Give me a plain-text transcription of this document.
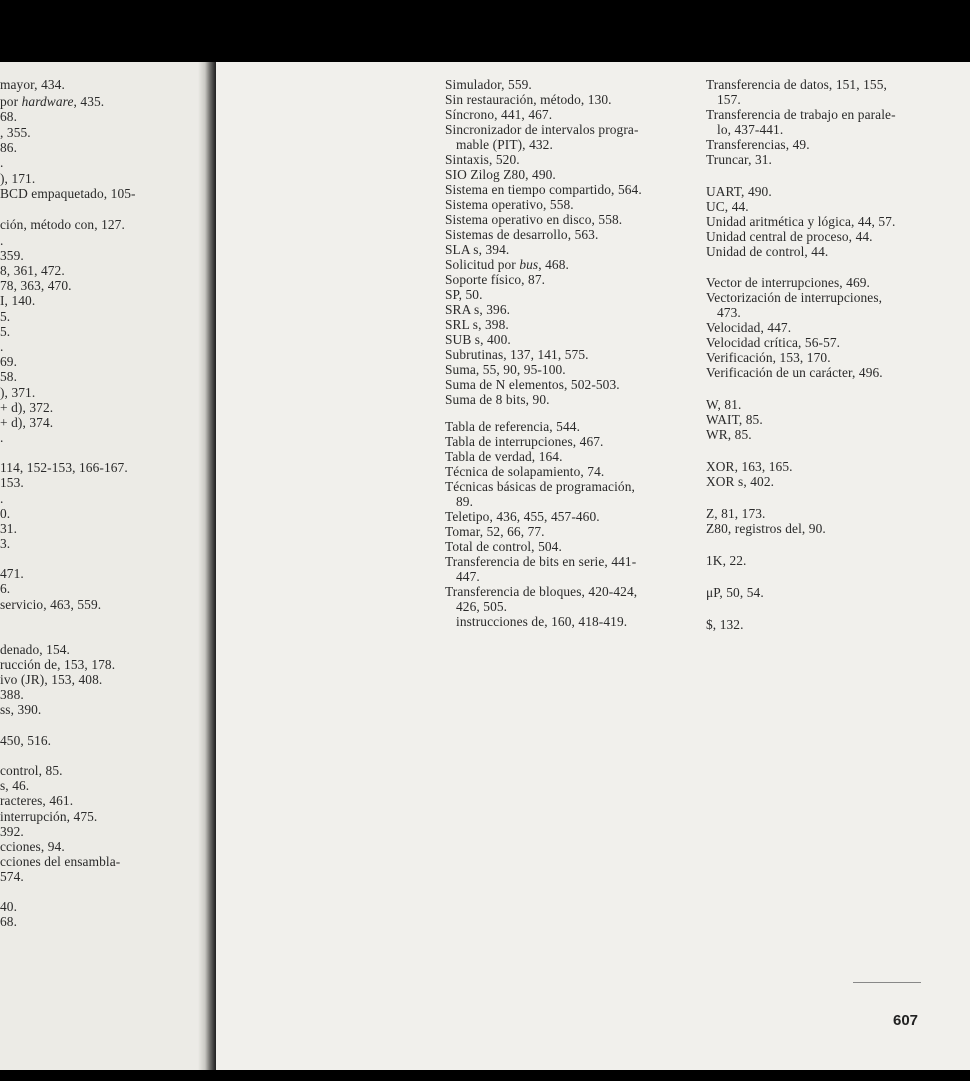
mayor, 434.
por hardware, 435.
68.
, 355.
86.
.
), 171.
BCD empaquetado, 105-
ción, método con, 127.
.
359.
8, 361, 472.
78, 363, 470.
I, 140.
5.
5.
.
69.
58.
), 371.
+ d), 372.
+ d), 374.
.
114, 152-153, 166-167.
153.
.
0.
31.
3.
471.
6.
servicio, 463, 559.
denado, 154.
rucción de, 153, 178.
ivo (JR), 153, 408.
388.
ss, 390.
450, 516.
control, 85.
s, 46.
racteres, 461.
interrupción, 475.
392.
cciones, 94.
cciones del ensambla-
574.
40.
68.
Simulador, 559.
Sin restauración, método, 130.
Síncrono, 441, 467.
Sincronizador de intervalos progra-
mable (PIT), 432.
Sintaxis, 520.
SIO Zilog Z80, 490.
Sistema en tiempo compartido, 564.
Sistema operativo, 558.
Sistema operativo en disco, 558.
Sistemas de desarrollo, 563.
SLA s, 394.
Solicitud por bus, 468.
Soporte físico, 87.
SP, 50.
SRA s, 396.
SRL s, 398.
SUB s, 400.
Subrutinas, 137, 141, 575.
Suma, 55, 90, 95-100.
Suma de N elementos, 502-503.
Suma de 8 bits, 90.
Tabla de referencia, 544.
Tabla de interrupciones, 467.
Tabla de verdad, 164.
Técnica de solapamiento, 74.
Técnicas básicas de programación,
89.
Teletipo, 436, 455, 457-460.
Tomar, 52, 66, 77.
Total de control, 504.
Transferencia de bits en serie, 441-
447.
Transferencia de bloques, 420-424,
426, 505.
instrucciones de, 160, 418-419.
Transferencia de datos, 151, 155,
157.
Transferencia de trabajo en parale-
lo, 437-441.
Transferencias, 49.
Truncar, 31.
UART, 490.
UC, 44.
Unidad aritmética y lógica, 44, 57.
Unidad central de proceso, 44.
Unidad de control, 44.
Vector de interrupciones, 469.
Vectorización de interrupciones,
473.
Velocidad, 447.
Velocidad crítica, 56-57.
Verificación, 153, 170.
Verificación de un carácter, 496.
W, 81.
WAIT, 85.
WR, 85.
XOR, 163, 165.
XOR s, 402.
Z, 81, 173.
Z80, registros del, 90.
1K, 22.
μP, 50, 54.
$, 132.
607
